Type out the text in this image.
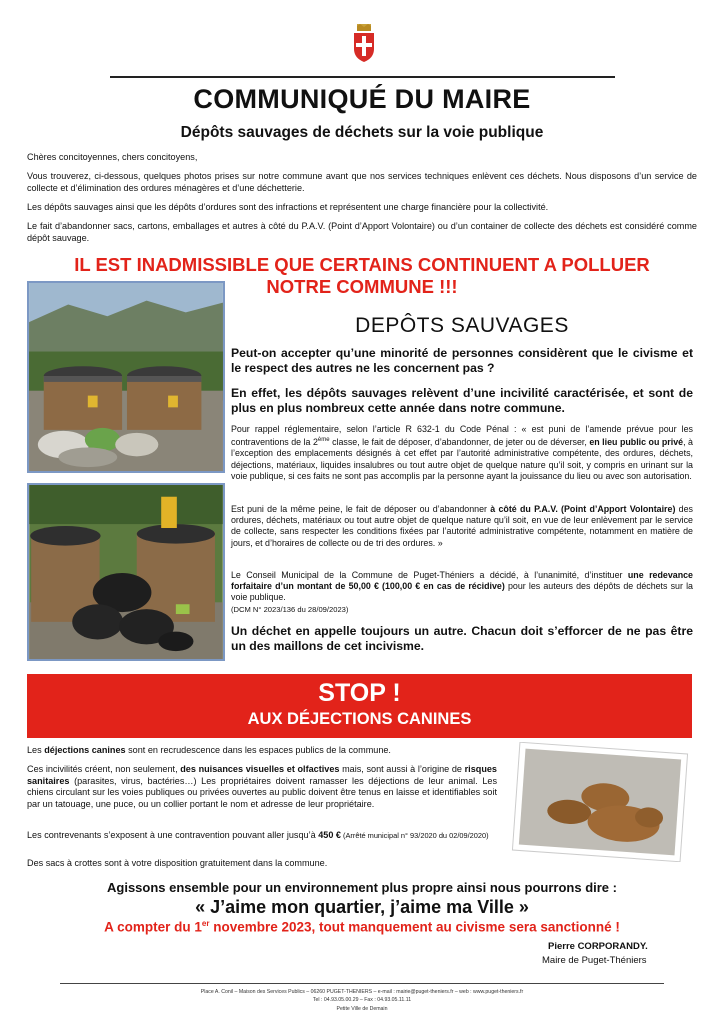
COMMUNIQUÉ DU MAIRE
Dépôts sauvages de déchets sur la voie publique
Chères concitoyennes, chers concitoyens,
Vous trouverez, ci-dessous, quelques photos prises sur notre commune avant que nos services techniques enlèvent ces déchets. Nous disposons d’un service de collecte et d’élimination des ordures ménagères et d’une déchetterie.
Les dépôts sauvages ainsi que les dépôts d’ordures sont des infractions et représentent une charge financière pour la collectivité.
Le fait d’abandonner sacs, cartons, emballages et autres à côté du P.A.V. (Point d’Apport Volontaire) ou d’un container de collecte des déchets est considéré comme dépôt sauvage.
IL EST INADMISSIBLE QUE CERTAINS CONTINUENT A POLLUER
NOTRE COMMUNE !!!
DEPÔTS SAUVAGES
Peut-on accepter qu’une minorité de personnes considèrent que le civisme et le respect des autres ne les concernent pas ?
En effet, les dépôts sauvages relèvent d’une incivilité caractérisée, et sont de plus en plus nombreux cette année dans notre commune.
Pour rappel réglementaire, selon l’article R 632-1 du Code Pénal : « est puni de l’amende prévue pour les contraventions de la 2ème classe, le fait de déposer, d’abandonner, de jeter ou de déverser, en lieu public ou privé, à l’exception des emplacements désignés à cet effet par l’autorité administrative compétente, des ordures, déchets, déjections, matériaux, liquides insalubres ou tout autre objet de quelque nature qu’il soit, y compris en urinant sur la voie publique, si ces faits ne sont pas accomplis par la personne ayant la jouissance du lieu ou avec son autorisation.
Est puni de la même peine, le fait de déposer ou d’abandonner à côté du P.A.V. (Point d’Apport Volontaire) des ordures, déchets, matériaux ou tout autre objet de quelque nature qu’il soit, en vue de leur enlèvement par le service de collecte, sans respecter les conditions fixées par l’autorité administrative compétente, notamment en matière de jours, et d’horaires de collecte ou de tri des ordures. »
Le Conseil Municipal de la Commune de Puget-Théniers a décidé, à l’unanimité, d’instituer une redevance forfaitaire d’un montant de 50,00 € (100,00 € en cas de récidive) pour les auteurs des dépôts de déchets sur la voie publique.
(DCM N° 2023/136 du 28/09/2023)
Un déchet en appelle toujours un autre. Chacun doit s’efforcer de ne pas être un des maillons de cet incivisme.
STOP !
AUX DÉJECTIONS CANINES
Les déjections canines sont en recrudescence dans les espaces publics de la commune.
Ces incivilités créent, non seulement, des nuisances visuelles et olfactives mais, sont aussi à l’origine de risques sanitaires (parasites, virus, bactéries…) Les propriétaires doivent ramasser les déjections de leur animal. Les chiens circulant sur les voies publiques ou privées ouvertes au public doivent être tenus en laisse et identifiables soit par un tatouage, une puce, ou un collier portant le nom et adresse de leur propriétaire.
Les contrevenants s’exposent à une contravention pouvant aller jusqu’à 450 € (Arrêté municipal n° 93/2020 du 02/09/2020)
Des sacs à crottes sont à votre disposition gratuitement dans la commune.
Agissons ensemble pour un environnement plus propre ainsi nous pourrons dire :
« J’aime mon quartier, j’aime ma Ville »
A compter du 1er novembre 2023, tout manquement au civisme sera sanctionné !
Pierre CORPORANDY.
Maire de Puget-Théniers
Place A. Conil – Maison des Services Publics – 06260 PUGET-THENIERS – e-mail : mairie@puget-theniers.fr – web : www.puget-theniers.fr
Tel : 04.93.05.00.29 – Fax : 04.93.05.11.11
Petite Ville de Demain
